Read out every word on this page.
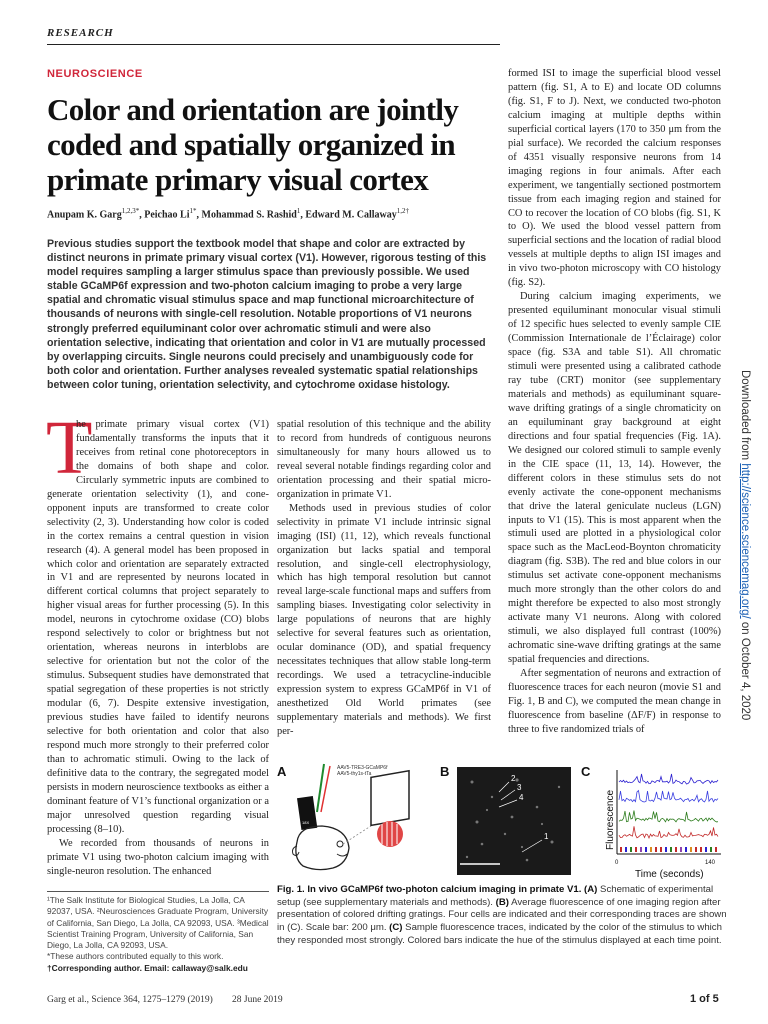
RESEARCH
NEUROSCIENCE
Color and orientation are jointly coded and spatially organized in primate primary visual cortex
Anupam K. Garg$^{1,2,3*}$, Peichao $Li^{1*}$, Mohammad S. Rashid$^1$, Edward M. Callaway$^{1,2\dagger}$

Previous studies support the textbook model that shape and color are extracted by distinct neurons in primate primary visual cortex (V1). However, rigorous testing of this model requires sampling a larger stimulus space than previously possible. We used stable GCaMP6f expression and two-photon calcium imaging to probe a very large spatial and chromatic visual stimulus space and map functional microarchitecture of thousands of neurons with single-cell resolution. Notable proportions of V1 neurons strongly preferred equiluminant color over achromatic stimuli and were also orientation selective, indicating that orientation and color in V1 are mutually processed by overlapping circuits. Single neurons could precisely and unambiguously code for both color and orientation. Further analyses revealed systematic spatial relationships between color tuning, orientation selectivity, and cytochrome oxidase histology.

T
he primate primary visual cortex (V1) fundamentally transforms the inputs that it receives from retinal cone photoreceptors in the domains of both shape and color. Circularly symmetric inputs are combined to generate orientation selectivity (1), and cone-opponent inputs are transformed to create color selectivity (2, 3). Understanding how color is coded in the cortex remains a central question in vision research (4). A general model has been proposed in which color and orientation are separately extracted in V1 and are represented by neurons located in different cortical columns that project separately to higher visual areas for further processing (5). In this model, neurons in cytochrome oxidase (CO) blobs respond selectively to color or brightness but not orientation, whereas neurons in interblobs are selective for orientation but not the color of the stimulus. Subsequent studies have demonstrated that spatial segregation of these properties is not strictly modular (6, 7). Despite extensive investigation, previous studies have failed to identify neurons selective for both orientation and color that also respond much more strongly to their preferred color than to achromatic stimuli. Owing to the lack of definitive data to the contrary, the segregated model persists in modern neuroscience textbooks as either a dominant feature of V1’s functional organization or a major unresolved question regarding visual processing (8–10).

We recorded from thousands of neurons in primate V1 using two-photon calcium imaging with single-neuron resolution. The enhanced

spatial resolution of this technique and the ability to record from hundreds of contiguous neurons simultaneously for many hours allowed us to reveal several notable findings regarding color and orientation processing and their spatial micro-organization in primate V1.

Methods used in previous studies of color selectivity in primate V1 include intrinsic signal imaging (ISI) (11, 12), which reveals functional organization but lacks spatial and temporal resolution, and single-cell electrophysiology, which has high temporal resolution but cannot reveal large-scale functional maps and suffers from sampling biases. Investigating color selectivity in large populations of neurons that are highly selective for several features such as orientation, ocular dominance (OD), and spatial frequency necessitates techniques that allow stable long-term recordings. We used a tetracycline-inducible expression system to express GCaMP6f in V1 of anesthetized Old World primates (see supplementary materials and methods). We first per-

formed ISI to image the superficial blood vessel pattern (fig. S1, A to E) and locate OD columns (fig. S1, F to J). Next, we conducted two-photon calcium imaging at multiple depths within superficial cortical layers (170 to 350 μm from the pial surface). We recorded the calcium responses of 4351 visually responsive neurons from 14 imaging regions in four animals. After each experiment, we tangentially sectioned postmortem tissue from each imaging region and stained for CO to recover the location of CO blobs (fig. S1, K to O). We used the blood vessel pattern from superficial sections and the location of radial blood vessels at multiple depths to align ISI images and in vivo two-photon microscopy with CO histology (fig. S2).

During calcium imaging experiments, we presented equiluminant monocular visual stimuli of 12 specific hues selected to evenly sample CIE (Commission Internationale de l’Éclairage) color space (fig. S3A and table S1). All chromatic stimuli were presented using a calibrated cathode ray tube (CRT) monitor (see supplementary materials and methods) as equiluminant square-wave drifting gratings of a single chromaticity on an equiluminant gray background at eight directions and four spatial frequencies (Fig. 1A). We designed our colored stimuli to sample evenly in the CIE space (11, 13, 14). However, the different colors in these stimulus sets do not evenly activate the cone-opponent mechanisms that drive the lateral geniculate nucleus (LGN) inputs to V1 (15). This is most apparent when the stimuli used are plotted in a physiological color space such as the MacLeod-Boynton chromaticity diagram (fig. S3B). The red and blue colors in our stimulus set activate cone-opponent mechanisms much more strongly than the other colors do and might therefore be expected to also most strongly activate many V1 neurons. Along with colored stimuli, we also displayed full contrast (100%) achromatic sine-wave drifting gratings at the same spatial frequencies and directions.

After segmentation of neurons and extraction of fluorescence traces for each neuron (movie S1 and Fig. 1, B and C), we computed the mean change in fluorescence from baseline (ΔF/F) in response to three to five randomized trials of

¹The Salk Institute for Biological Studies, La Jolla, CA 92037, USA. ²Neurosciences Graduate Program, University of California, San Diego, La Jolla, CA 92093, USA. ³Medical Scientist Training Program, University of California, San Diego, La Jolla, CA 92093, USA.

*These authors contributed equally to this work.

†Corresponding author. Email: callaway@salk.edu

A	AAV5-TRE3-GCaMP6f
AAV5-thy1s-tTa
18X
B	2
3
4
1
C
Fluorescence
0	140
Time (seconds)
Fig. 1. In vivo GCaMP6f two-photon calcium imaging in primate V1. (A) Schematic of experimental setup (see supplementary materials and methods). (B) Average fluorescence of one imaging region after presentation of colored drifting gratings. Four cells are indicated and their corresponding traces are shown in (C). Scale bar: 200 μm. (C) Sample fluorescence traces, indicated by the color of the stimulus to which they responded most strongly. Colored bars indicate the hue of the stimulus displayed at each time point.
Garg et al., Science 364, 1275–1279 (2019) 28 June 2019	1 of 5
Downloaded from http://science.sciencemag.org/ on October 4, 2020
